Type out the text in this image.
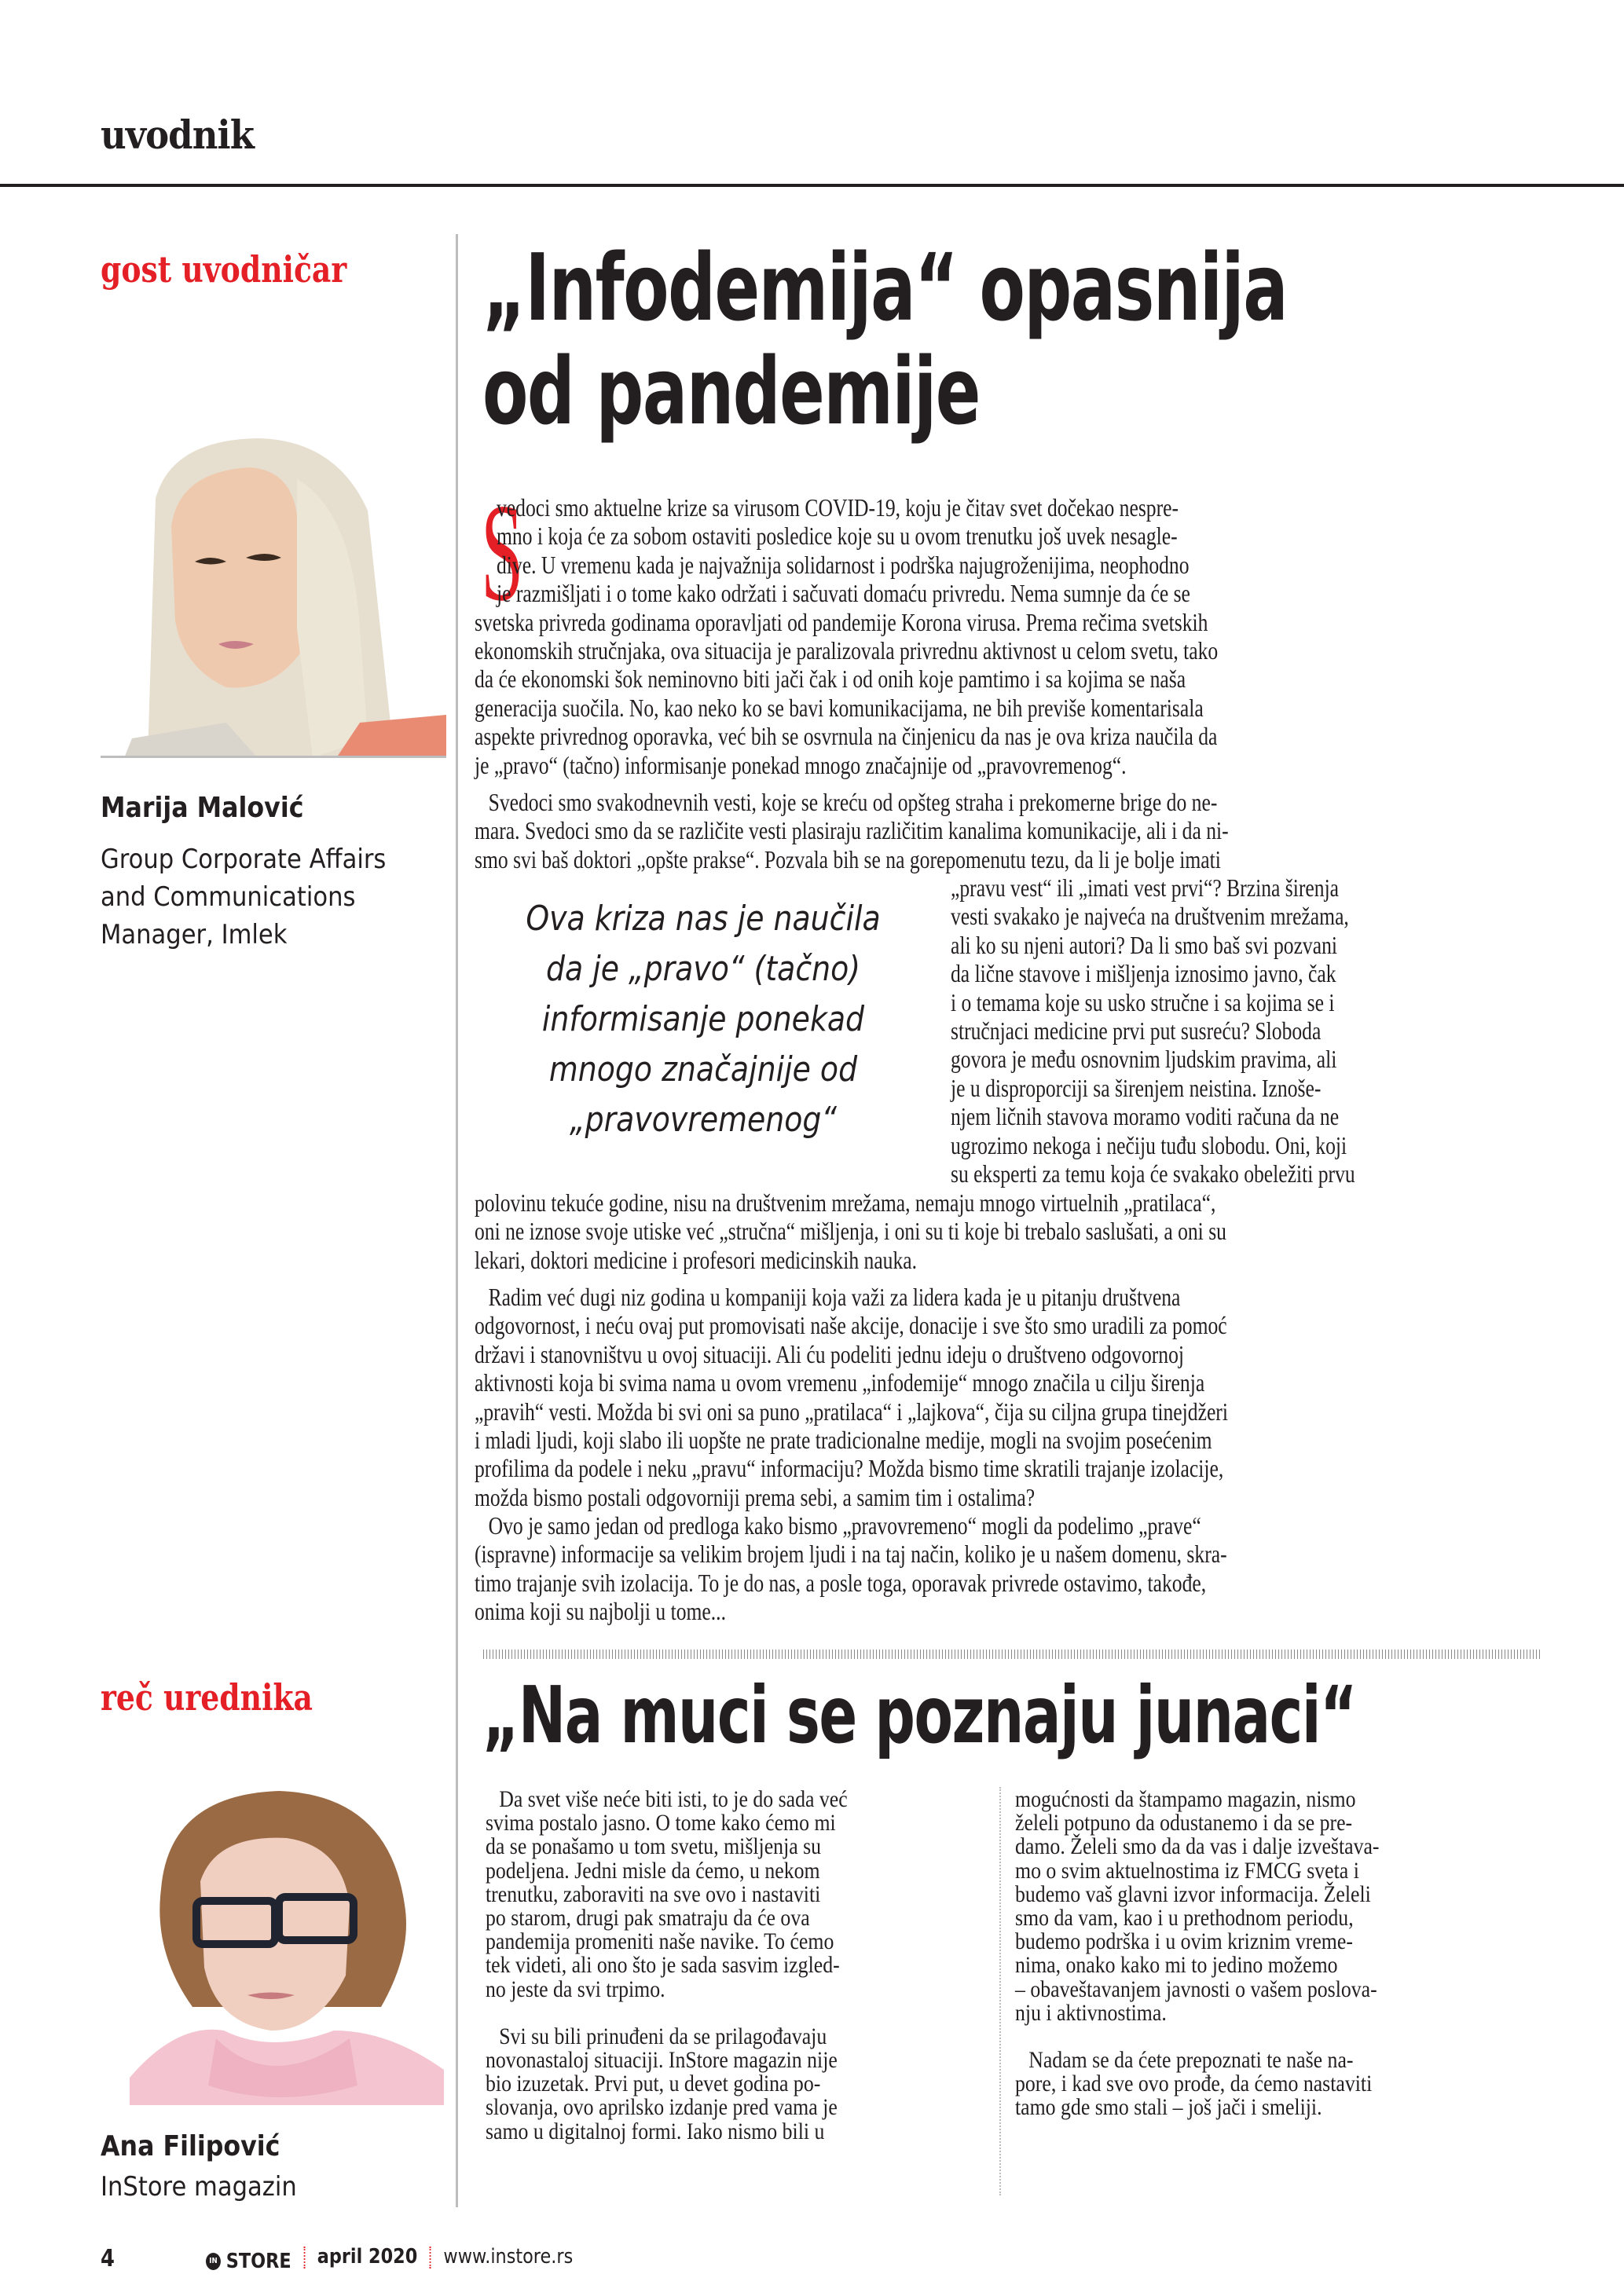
uvodnik
gost uvodničar
Marija Malović
Group Corporate Affairs
and Communications
Manager, Imlek
„Infodemija“ opasnija
od pandemije
S
vedoci smo aktuelne krize sa virusom COVID-19, koju je čitav svet dočekao nespre-
mno i koja će za sobom ostaviti posledice koje su u ovom trenutku još uvek nesagle-
dive. U vremenu kada je najvažnija solidarnost i podrška najugroženijima, neophodno
je razmišljati i o tome kako održati i sačuvati domaću privredu. Nema sumnje da će se
svetska privreda godinama oporavljati od pandemije Korona virusa. Prema rečima svetskih
ekonomskih stručnjaka, ova situacija je paralizovala privrednu aktivnost u celom svetu, tako
da će ekonomski šok neminovno biti jači čak i od onih koje pamtimo i sa kojima se naša
generacija suočila. No, kao neko ko se bavi komunikacijama, ne bih previše komentarisala
aspekte privrednog oporavka, već bih se osvrnula na činjenicu da nas je ova kriza naučila da
je „pravo“ (tačno) informisanje ponekad mnogo značajnije od „pravovremenog“.
Svedoci smo svakodnevnih vesti, koje se kreću od opšteg straha i prekomerne brige do ne-
mara. Svedoci smo da se različite vesti plasiraju različitim kanalima komunikacije, ali i da ni-
smo svi baš doktori „opšte prakse“. Pozvala bih se na gorepomenutu tezu, da li je bolje imati
„pravu vest“ ili „imati vest prvi“? Brzina širenja
vesti svakako je najveća na društvenim mrežama,
ali ko su njeni autori? Da li smo baš svi pozvani
da lične stavove i mišljenja iznosimo javno, čak
i o temama koje su usko stručne i sa kojima se i
stručnjaci medicine prvi put susreću? Sloboda
govora je među osnovnim ljudskim pravima, ali
je u disproporciji sa širenjem neistina. Iznoše-
njem ličnih stavova moramo voditi računa da ne
ugrozimo nekoga i nečiju tuđu slobodu. Oni, koji
su eksperti za temu koja će svakako obeležiti prvu
Ova kriza nas je naučila
da je „pravo“ (tačno)
informisanje ponekad
mnogo značajnije od
„pravovremenog“
polovinu tekuće godine, nisu na društvenim mrežama, nemaju mnogo virtuelnih „pratilaca“,
oni ne iznose svoje utiske već „stručna“ mišljenja, i oni su ti koje bi trebalo saslušati, a oni su
lekari, doktori medicine i profesori medicinskih nauka.
Radim već dugi niz godina u kompaniji koja važi za lidera kada je u pitanju društvena
odgovornost, i neću ovaj put promovisati naše akcije, donacije i sve što smo uradili za pomoć
državi i stanovništvu u ovoj situaciji. Ali ću podeliti jednu ideju o društveno odgovornoj
aktivnosti koja bi svima nama u ovom vremenu „infodemije“ mnogo značila u cilju širenja
„pravih“ vesti. Možda bi svi oni sa puno „pratilaca“ i „lajkova“, čija su ciljna grupa tinejdžeri
i mladi ljudi, koji slabo ili uopšte ne prate tradicionalne medije, mogli na svojim posećenim
profilima da podele i neku „pravu“ informaciju? Možda bismo time skratili trajanje izolacije,
možda bismo postali odgovorniji prema sebi, a samim tim i ostalima?
Ovo je samo jedan od predloga kako bismo „pravovremeno“ mogli da podelimo „prave“
(ispravne) informacije sa velikim brojem ljudi i na taj način, koliko je u našem domenu, skra-
timo trajanje svih izolacija. To je do nas, a posle toga, oporavak privrede ostavimo, takođe,
onima koji su najbolji u tome...
reč urednika
Ana Filipović
InStore magazin
„Na muci se poznaju junaci“
Da svet više neće biti isti, to je do sada već
svima postalo jasno. O tome kako ćemo mi
da se ponašamo u tom svetu, mišljenja su
podeljena. Jedni misle da ćemo, u nekom
trenutku, zaboraviti na sve ovo i nastaviti
po starom, drugi pak smatraju da će ova
pandemija promeniti naše navike. To ćemo
tek videti, ali ono što je sada sasvim izgled-
no jeste da svi trpimo.
Svi su bili prinuđeni da se prilagođavaju
novonastaloj situaciji. InStore magazin nije
bio izuzetak. Prvi put, u devet godina po-
slovanja, ovo aprilsko izdanje pred vama je
samo u digitalnoj formi. Iako nismo bili u
mogućnosti da štampamo magazin, nismo
želeli potpuno da odustanemo i da se pre-
damo. Želeli smo da da vas i dalje izveštava-
mo o svim aktuelnostima iz FMCG sveta i
budemo vaš glavni izvor informacija. Želeli
smo da vam, kao i u prethodnom periodu,
budemo podrška i u ovim kriznim vreme-
nima, onako kako mi to jedino možemo
– obaveštavanjem javnosti o vašem poslova-
nju i aktivnostima.
Nadam se da ćete prepoznati te naše na-
pore, i kad sve ovo prođe, da ćemo nastaviti
tamo gde smo stali – još jači i smeliji.
4	IN STORE april 2020 www.instore.rs
